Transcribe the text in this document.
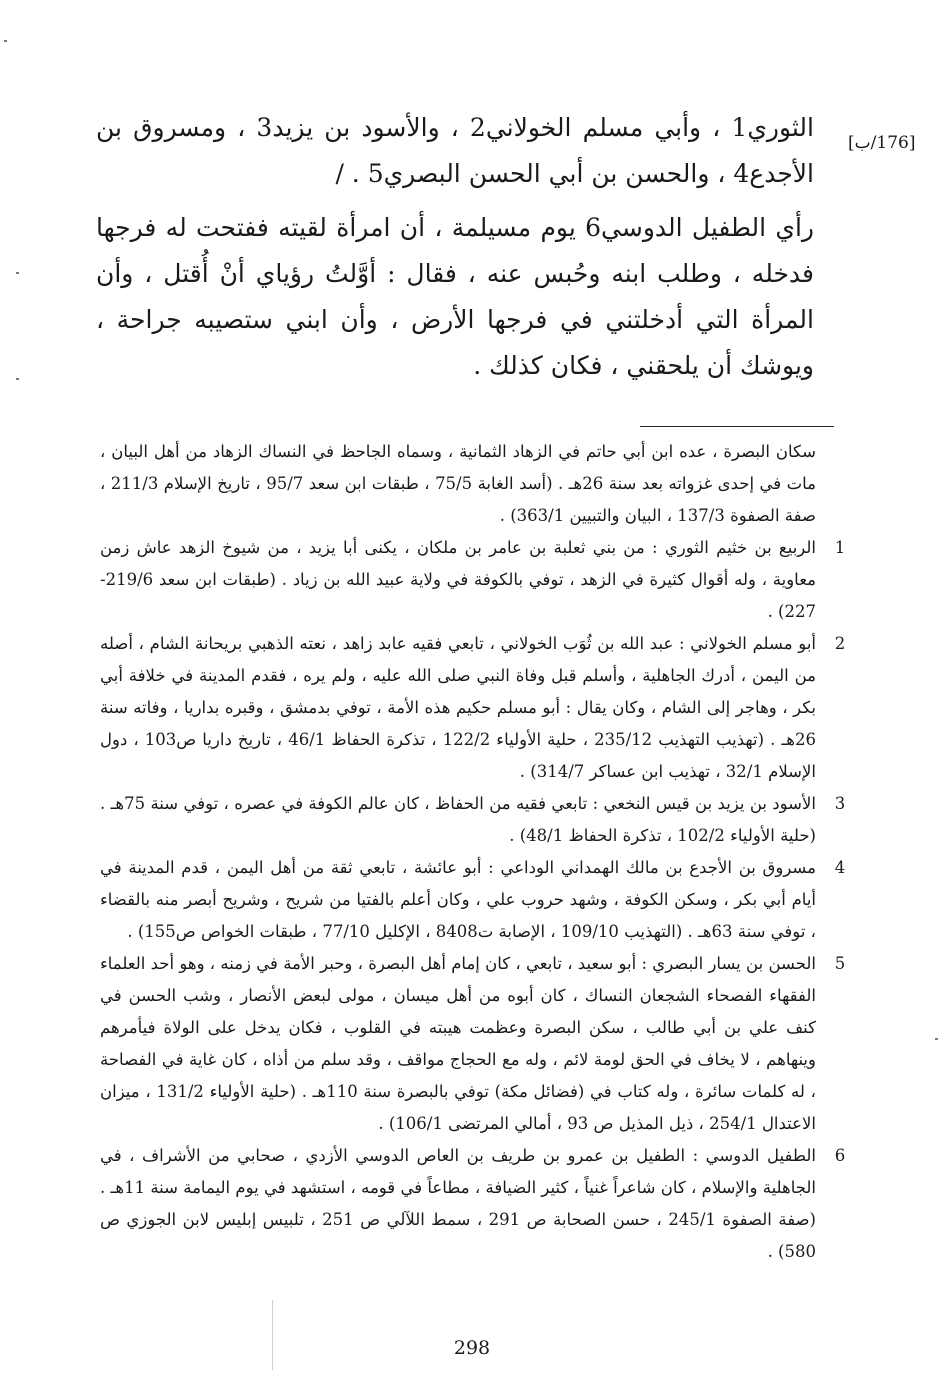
الثوري1 ، وأبي مسلم الخولاني2 ، والأسود بن يزيد3 ، ومسروق بن الأجدع4 ، والحسن بن أبي الحسن البصري5 . /

[176/ب]

رأي الطفيل الدوسي6 يوم مسيلمة ، أن امرأة لقيته ففتحت له فرجها فدخله ، وطلب ابنه وحُبس عنه ، فقال : أوَّلتُ رؤياي أنْ أُقتل ، وأن المرأة التي أدخلتني في فرجها الأرض ، وأن ابني ستصيبه جراحة ، ويوشك أن يلحقني ، فكان كذلك .

سكان البصرة ، عده ابن أبي حاتم في الزهاد الثمانية ، وسماه الجاحظ في النساك الزهاد من أهل البيان ، مات في إحدى غزواته بعد سنة 26هـ . (أسد الغابة 75/5 ، طبقات ابن سعد 95/7 ، تاريخ الإسلام 211/3 ، صفة الصفوة 137/3 ، البيان والتبيين 363/1) .
1
الربيع بن خثيم الثوري : من بني ثعلبة بن عامر بن ملكان ، يكنى أبا يزيد ، من شيوخ الزهد عاش زمن معاوية ، وله أقوال كثيرة في الزهد ، توفي بالكوفة في ولاية عبيد الله بن زياد . (طبقات ابن سعد 219/6-227) .
2
أبو مسلم الخولاني : عبد الله بن ثُوَب الخولاني ، تابعي فقيه عابد زاهد ، نعته الذهبي بريحانة الشام ، أصله من اليمن ، أدرك الجاهلية ، وأسلم قبل وفاة النبي صلى الله عليه ، ولم يره ، فقدم المدينة في خلافة أبي بكر ، وهاجر إلى الشام ، وكان يقال : أبو مسلم حكيم هذه الأمة ، توفي بدمشق ، وقبره بداريا ، وفاته سنة 26هـ . (تهذيب التهذيب 235/12 ، حلية الأولياء 122/2 ، تذكرة الحفاظ 46/1 ، تاريخ داريا ص103 ، دول الإسلام 32/1 ، تهذيب ابن عساكر 314/7) .
3
الأسود بن يزيد بن قيس النخعي : تابعي فقيه من الحفاظ ، كان عالم الكوفة في عصره ، توفي سنة 75هـ . (حلية الأولياء 102/2 ، تذكرة الحفاظ 48/1) .
4
مسروق بن الأجدع بن مالك الهمداني الوداعي : أبو عائشة ، تابعي ثقة من أهل اليمن ، قدم المدينة في أيام أبي بكر ، وسكن الكوفة ، وشهد حروب علي ، وكان أعلم بالفتيا من شريح ، وشريح أبصر منه بالقضاء ، توفي سنة 63هـ . (التهذيب 109/10 ، الإصابة ت8408 ، الإكليل 77/10 ، طبقات الخواص ص155) .
5
الحسن بن يسار البصري : أبو سعيد ، تابعي ، كان إمام أهل البصرة ، وحبر الأمة في زمنه ، وهو أحد العلماء الفقهاء الفصحاء الشجعان النساك ، كان أبوه من أهل ميسان ، مولى لبعض الأنصار ، وشب الحسن في كنف علي بن أبي طالب ، سكن البصرة وعظمت هيبته في القلوب ، فكان يدخل على الولاة فيأمرهم وينهاهم ، لا يخاف في الحق لومة لائم ، وله مع الحجاج مواقف ، وقد سلم من أذاه ، كان غاية في الفصاحة ، له كلمات سائرة ، وله كتاب في (فضائل مكة) توفي بالبصرة سنة 110هـ . (حلية الأولياء 131/2 ، ميزان الاعتدال 254/1 ، ذيل المذيل ص 93 ، أمالي المرتضى 106/1) .
6
الطفيل الدوسي : الطفيل بن عمرو بن طريف بن العاص الدوسي الأزدي ، صحابي من الأشراف ، في الجاهلية والإسلام ، كان شاعراً غنياً ، كثير الضيافة ، مطاعاً في قومه ، استشهد في يوم اليمامة سنة 11هـ . (صفة الصفوة 245/1 ، حسن الصحابة ص 291 ، سمط اللآلي ص 251 ، تلبيس إبليس لابن الجوزي ص 580) .
298
